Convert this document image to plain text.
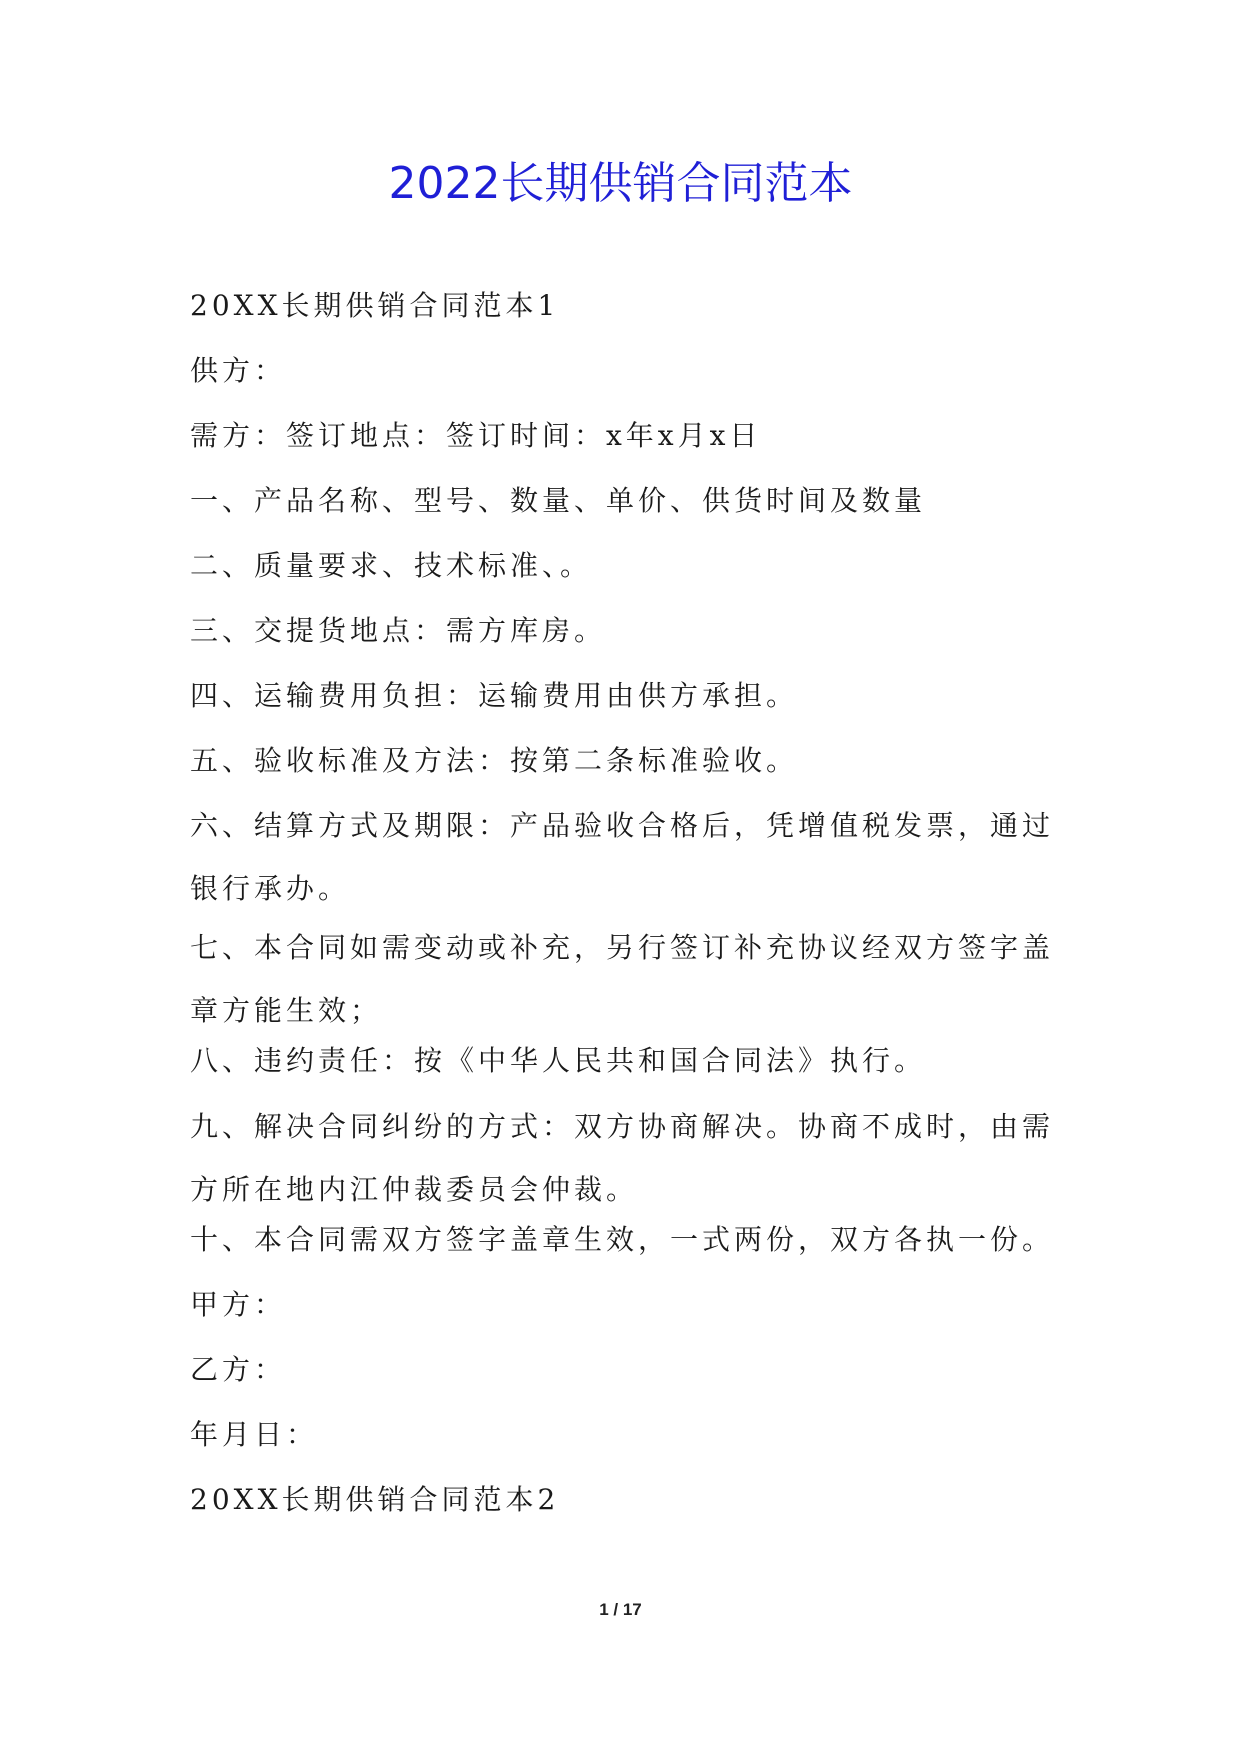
2022长期供销合同范本

20XX长期供销合同范本1

供方：

需方：签订地点：签订时间：x年x月x日

一、产品名称、型号、数量、单价、供货时间及数量

二、质量要求、技术标准、。

三、交提货地点：需方库房。

四、运输费用负担：运输费用由供方承担。

五、验收标准及方法：按第二条标准验收。

六、结算方式及期限：产品验收合格后，凭增值税发票，通过银行承办。

七、本合同如需变动或补充，另行签订补充协议经双方签字盖章方能生效；

八、违约责任：按《中华人民共和国合同法》执行。

九、解决合同纠纷的方式：双方协商解决。协商不成时，由需方所在地内江仲裁委员会仲裁。

十、本合同需双方签字盖章生效，一式两份，双方各执一份。

甲方：

乙方：

年月日：

20XX长期供销合同范本2

1 / 17
